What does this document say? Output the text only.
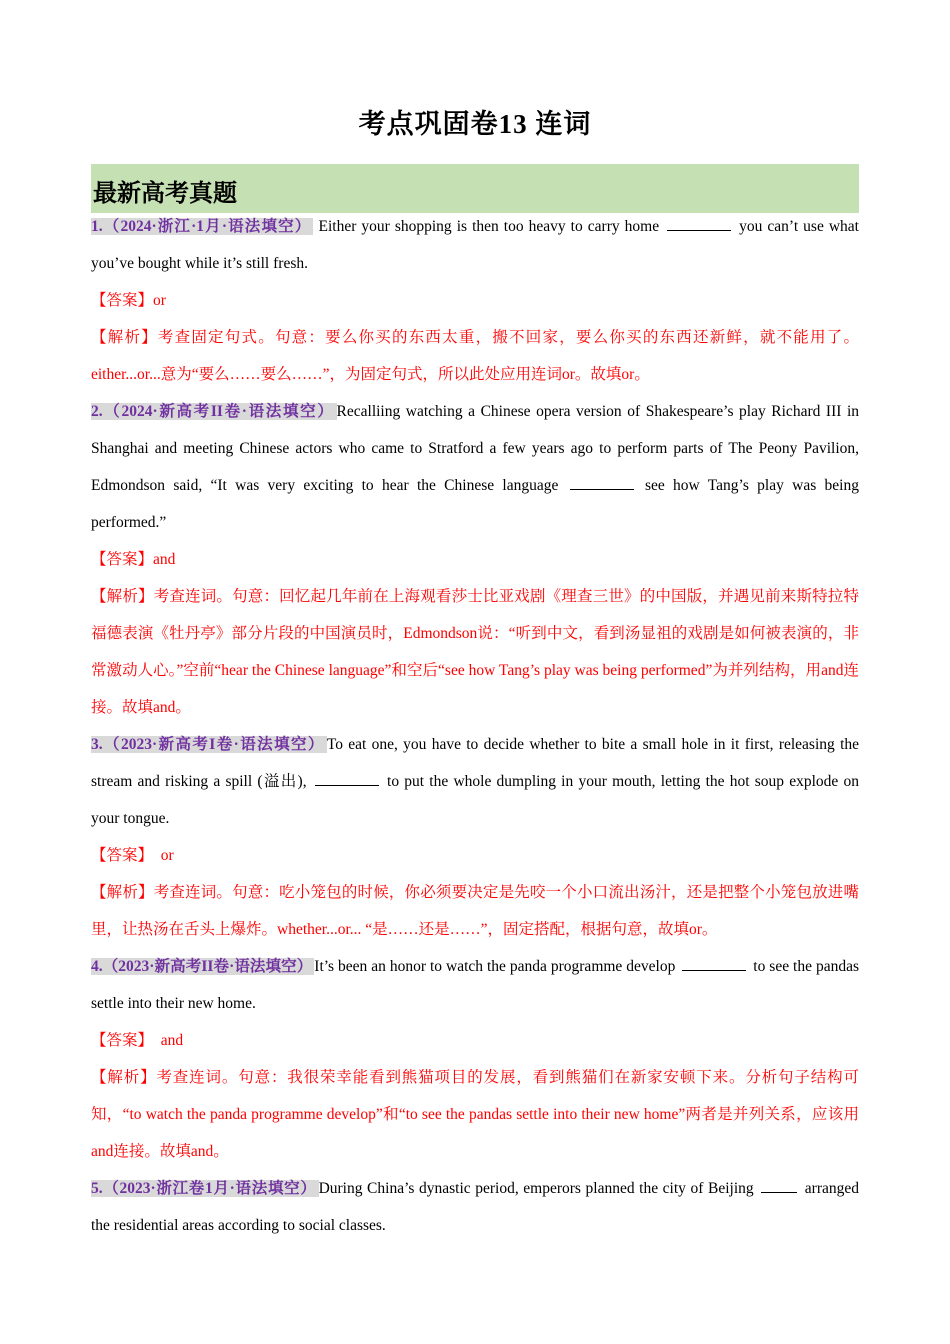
考点巩固卷13 连词
最新高考真题

1.（2024·浙江·1月·语法填空） Either your shopping is then too heavy to carry home	you can’t use what you’ve bought while it’s still fresh.

【答案】or

【解析】考查固定句式。句意：要么你买的东西太重，搬不回家，要么你买的东西还新鲜，就不能用了。either...or...意为“要么……要么……”，为固定句式，所以此处应用连词or。故填or。

2.（2024·新高考II卷·语法填空） Recalliing watching a Chinese opera version of Shakespeare’s play Richard III in Shanghai and meeting Chinese actors who came to Stratford a few years ago to perform parts of The Peony Pavilion, Edmondson said, “It was very exciting to hear the Chinese language	see how Tang’s play was being performed.”

【答案】and

【解析】考查连词。句意：回忆起几年前在上海观看莎士比亚戏剧《理查三世》的中国版，并遇见前来斯特拉特福德表演《牡丹亭》部分片段的中国演员时，Edmondson说：“听到中文，看到汤显祖的戏剧是如何被表演的，非常激动人心。”空前“hear the Chinese language”和空后“see how Tang’s play was being performed”为并列结构，用and连接。故填and。

3.（2023·新高考I卷·语法填空） To eat one, you have to decide whether to bite a small hole in it first, releasing the stream and risking a spill (溢出),	to put the whole dumpling in your mouth, letting the hot soup explode on your tongue.

【答案】 or

【解析】考查连词。句意：吃小笼包的时候，你必须要决定是先咬一个小口流出汤汁，还是把整个小笼包放进嘴里，让热汤在舌头上爆炸。whether...or... “是……还是……”，固定搭配，根据句意，故填or。

4.（2023·新高考II卷·语法填空） It’s been an honor to watch the panda programme develop	to see the pandas settle into their new home.

【答案】 and

【解析】考查连词。句意：我很荣幸能看到熊猫项目的发展，看到熊猫们在新家安顿下来。分析句子结构可知，“to watch the panda programme develop”和“to see the pandas settle into their new home”两者是并列关系，应该用and连接。故填and。

5.（2023·浙江卷1月·语法填空） During China’s dynastic period, emperors planned the city of Beijing	arranged the residential areas according to social classes.
